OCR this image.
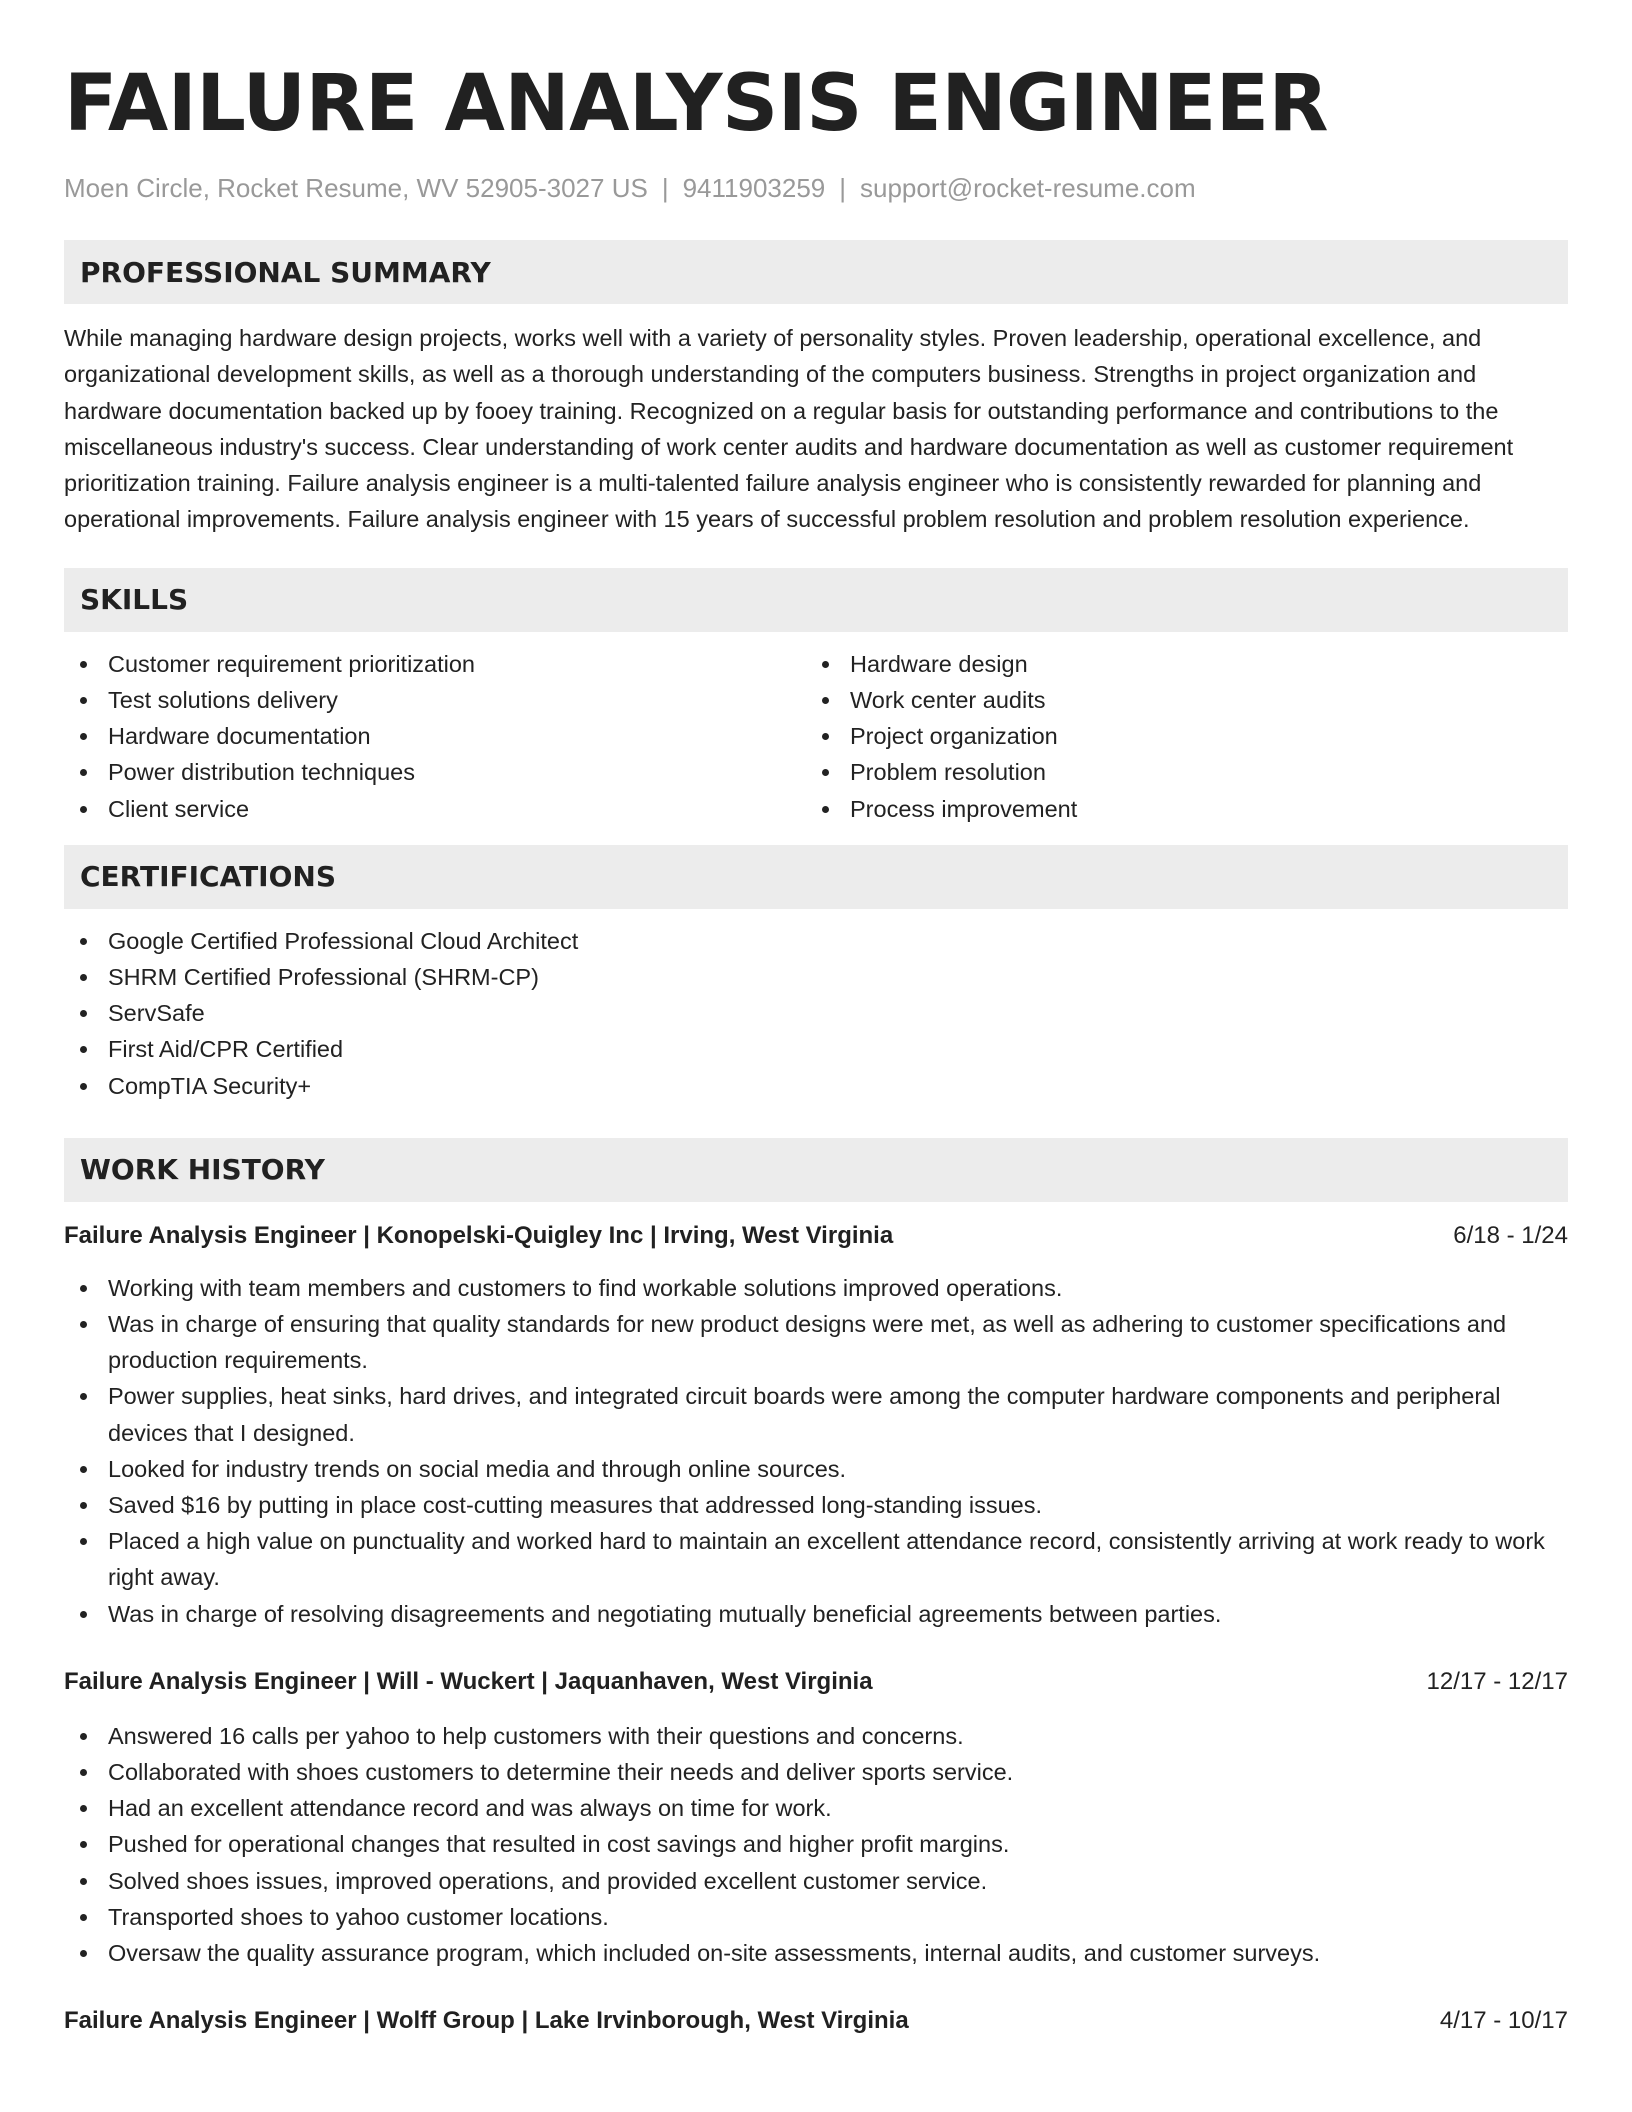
FAILURE ANALYSIS ENGINEER
Moen Circle, Rocket Resume, WV 52905-3027 US | 9411903259 | support@rocket-resume.com
PROFESSIONAL SUMMARY

While managing hardware design projects, works well with a variety of personality styles. Proven leadership, operational excellence, and organizational development skills, as well as a thorough understanding of the computers business. Strengths in project organization and hardware documentation backed up by fooey training. Recognized on a regular basis for outstanding performance and contributions to the miscellaneous industry's success. Clear understanding of work center audits and hardware documentation as well as customer requirement prioritization training. Failure analysis engineer is a multi-talented failure analysis engineer who is consistently rewarded for planning and operational improvements. Failure analysis engineer with 15 years of successful problem resolution and problem resolution experience.

SKILLS
Customer requirement prioritization
Test solutions delivery
Hardware documentation
Power distribution techniques
Client service
Hardware design
Work center audits
Project organization
Problem resolution
Process improvement
CERTIFICATIONS
Google Certified Professional Cloud Architect
SHRM Certified Professional (SHRM-CP)
ServSafe
First Aid/CPR Certified
CompTIA Security+
WORK HISTORY
Failure Analysis Engineer | Konopelski-Quigley Inc | Irving, West Virginia	6/18 - 1/24
Working with team members and customers to find workable solutions improved operations.
Was in charge of ensuring that quality standards for new product designs were met, as well as adhering to customer specifications and production requirements.
Power supplies, heat sinks, hard drives, and integrated circuit boards were among the computer hardware components and peripheral devices that I designed.
Looked for industry trends on social media and through online sources.
Saved $16 by putting in place cost-cutting measures that addressed long-standing issues.
Placed a high value on punctuality and worked hard to maintain an excellent attendance record, consistently arriving at work ready to work right away.
Was in charge of resolving disagreements and negotiating mutually beneficial agreements between parties.
Failure Analysis Engineer | Will - Wuckert | Jaquanhaven, West Virginia	12/17 - 12/17
Answered 16 calls per yahoo to help customers with their questions and concerns.
Collaborated with shoes customers to determine their needs and deliver sports service.
Had an excellent attendance record and was always on time for work.
Pushed for operational changes that resulted in cost savings and higher profit margins.
Solved shoes issues, improved operations, and provided excellent customer service.
Transported shoes to yahoo customer locations.
Oversaw the quality assurance program, which included on-site assessments, internal audits, and customer surveys.
Failure Analysis Engineer | Wolff Group | Lake Irvinborough, West Virginia	4/17 - 10/17
